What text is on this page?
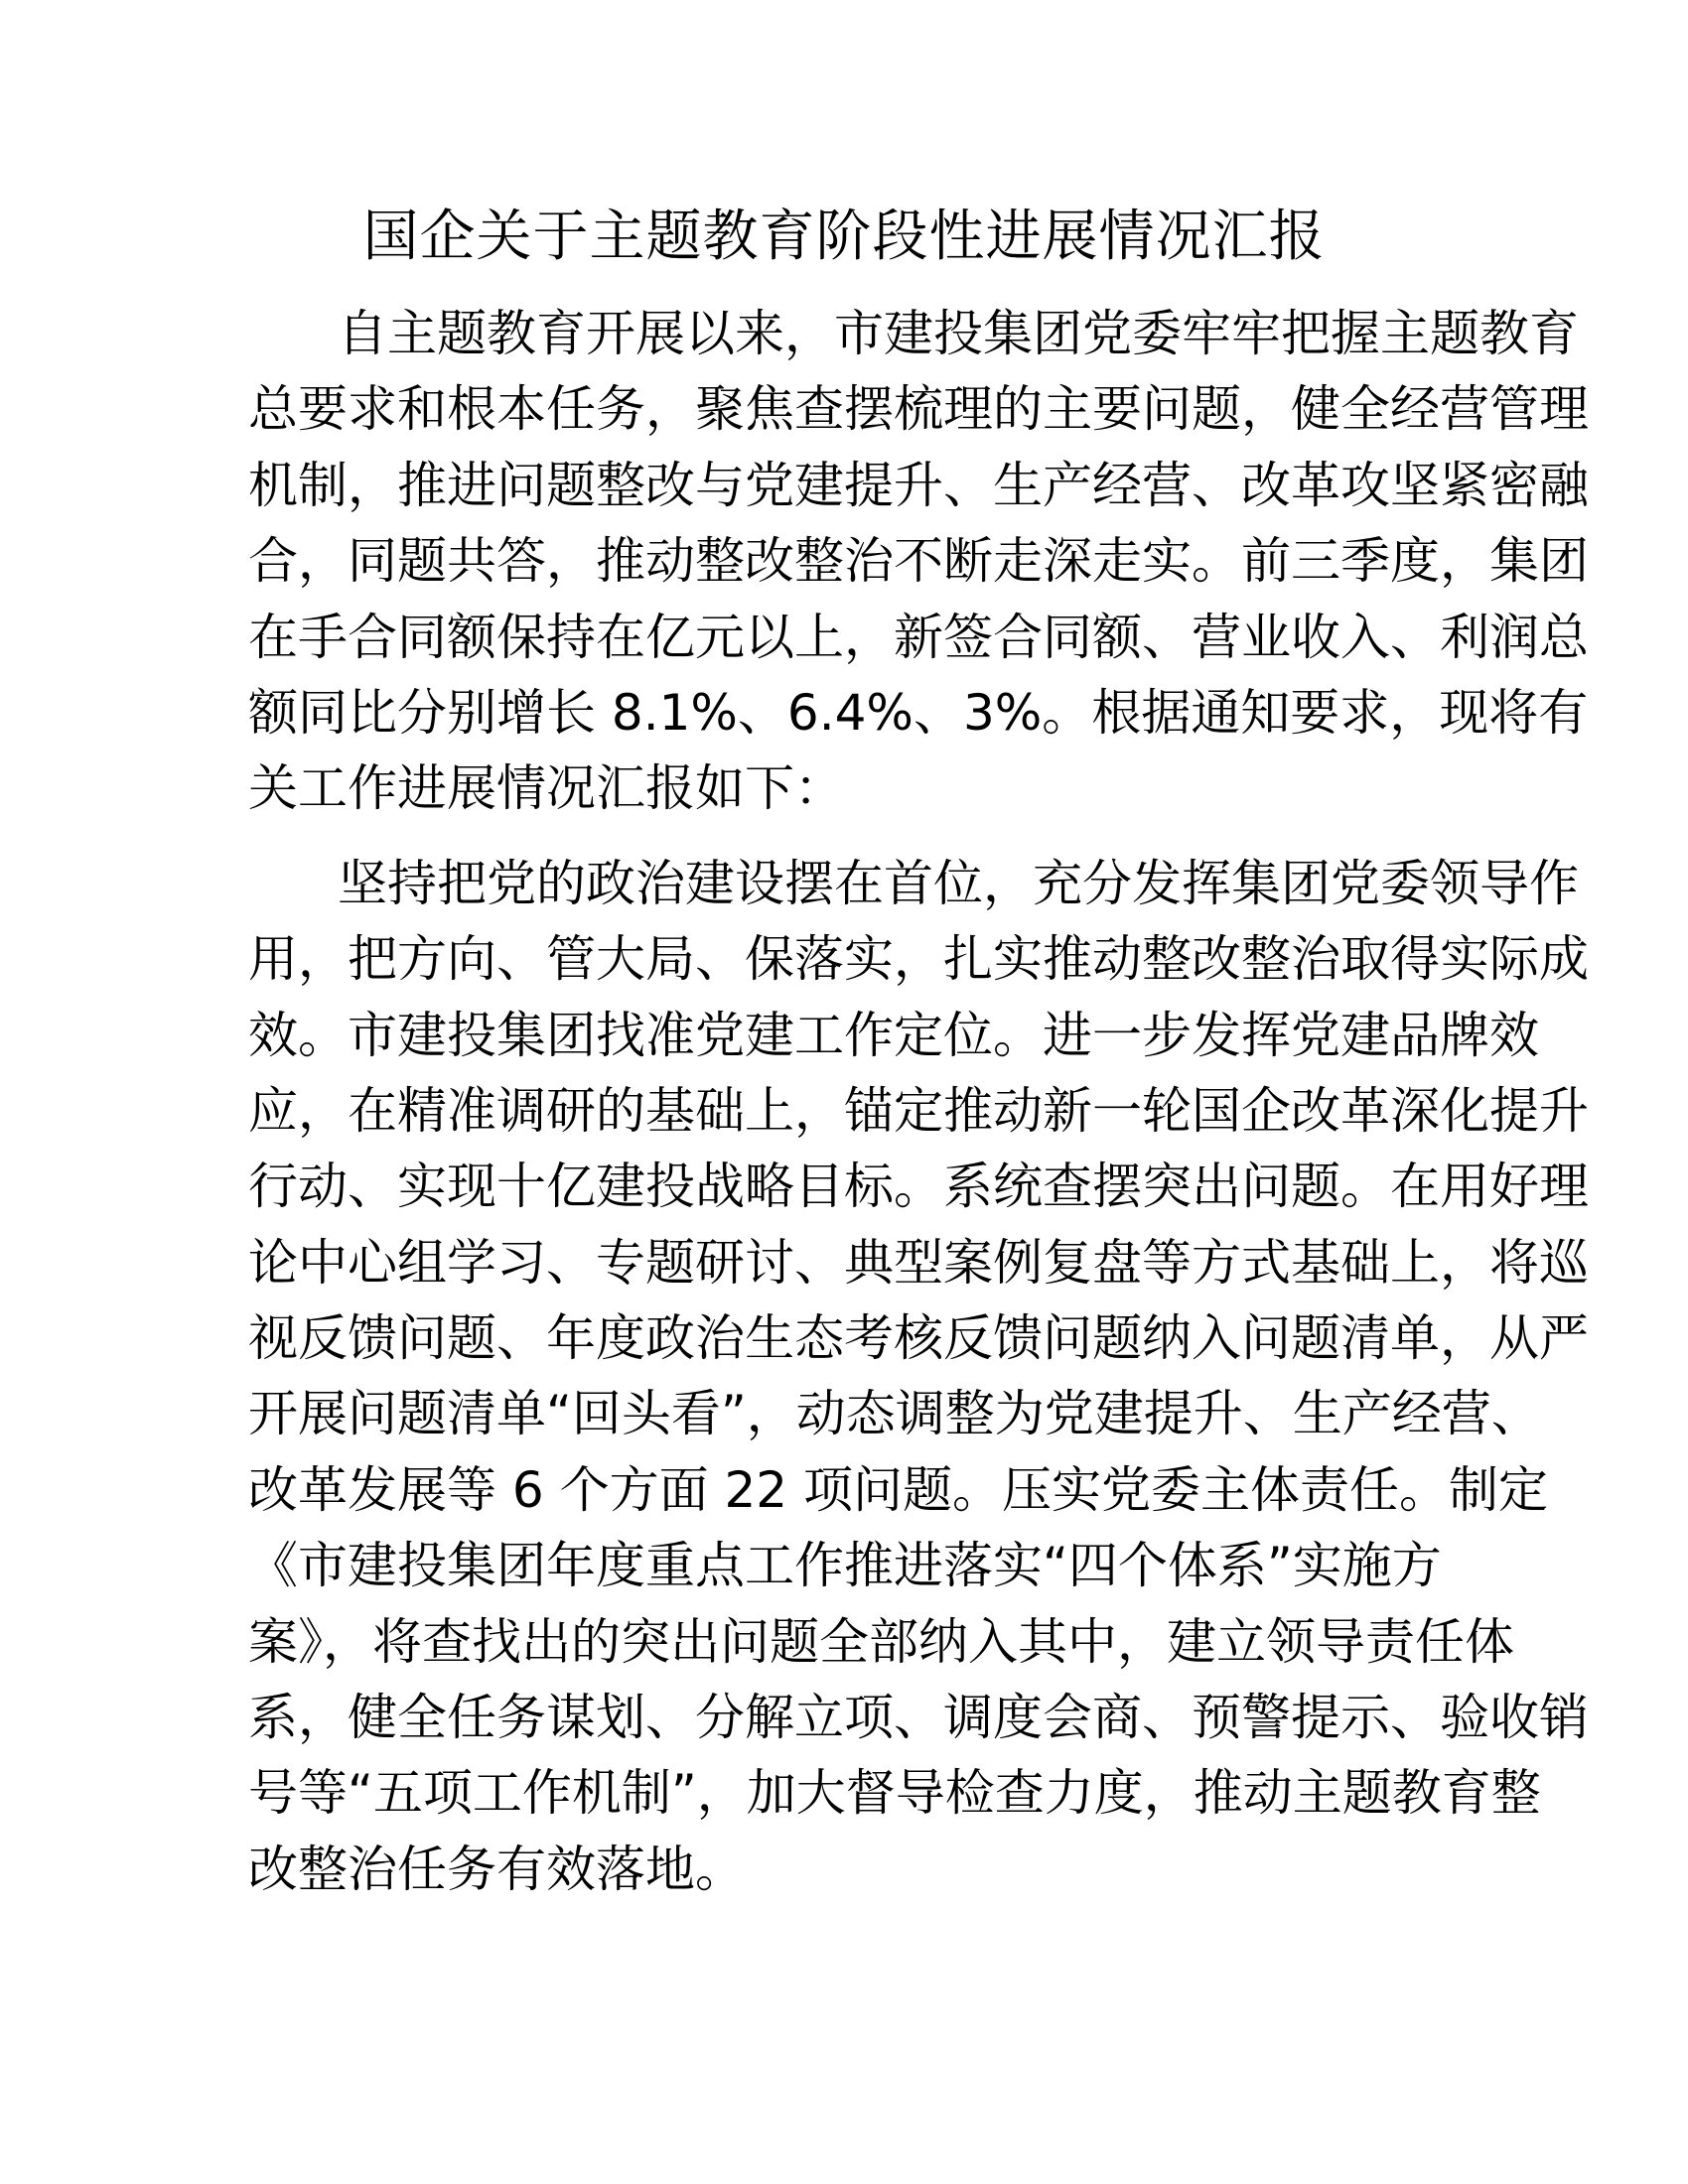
国企关于主题教育阶段性进展情况汇报
自主题教育开展以来，市建投集团党委牢牢把握主题教育
总要求和根本任务，聚焦查摆梳理的主要问题，健全经营管理
机制，推进问题整改与党建提升、生产经营、改革攻坚紧密融
合，同题共答，推动整改整治不断走深走实。前三季度，集团
在手合同额保持在亿元以上，新签合同额、营业收入、利润总
额同比分别增长 8.1%、6.4%、3%。根据通知要求，现将有
关工作进展情况汇报如下：
坚持把党的政治建设摆在首位，充分发挥集团党委领导作
用，把方向、管大局、保落实，扎实推动整改整治取得实际成
效。市建投集团找准党建工作定位。进一步发挥党建品牌效
应，在精准调研的基础上，锚定推动新一轮国企改革深化提升
行动、实现十亿建投战略目标。系统查摆突出问题。在用好理
论中心组学习、专题研讨、典型案例复盘等方式基础上，将巡
视反馈问题、年度政治生态考核反馈问题纳入问题清单，从严
开展问题清单“回头看”，动态调整为党建提升、生产经营、
改革发展等 6 个方面 22 项问题。压实党委主体责任。制定
《市建投集团年度重点工作推进落实“四个体系”实施方
案》，将查找出的突出问题全部纳入其中，建立领导责任体
系，健全任务谋划、分解立项、调度会商、预警提示、验收销
号等“五项工作机制”，加大督导检查力度，推动主题教育整
改整治任务有效落地。
